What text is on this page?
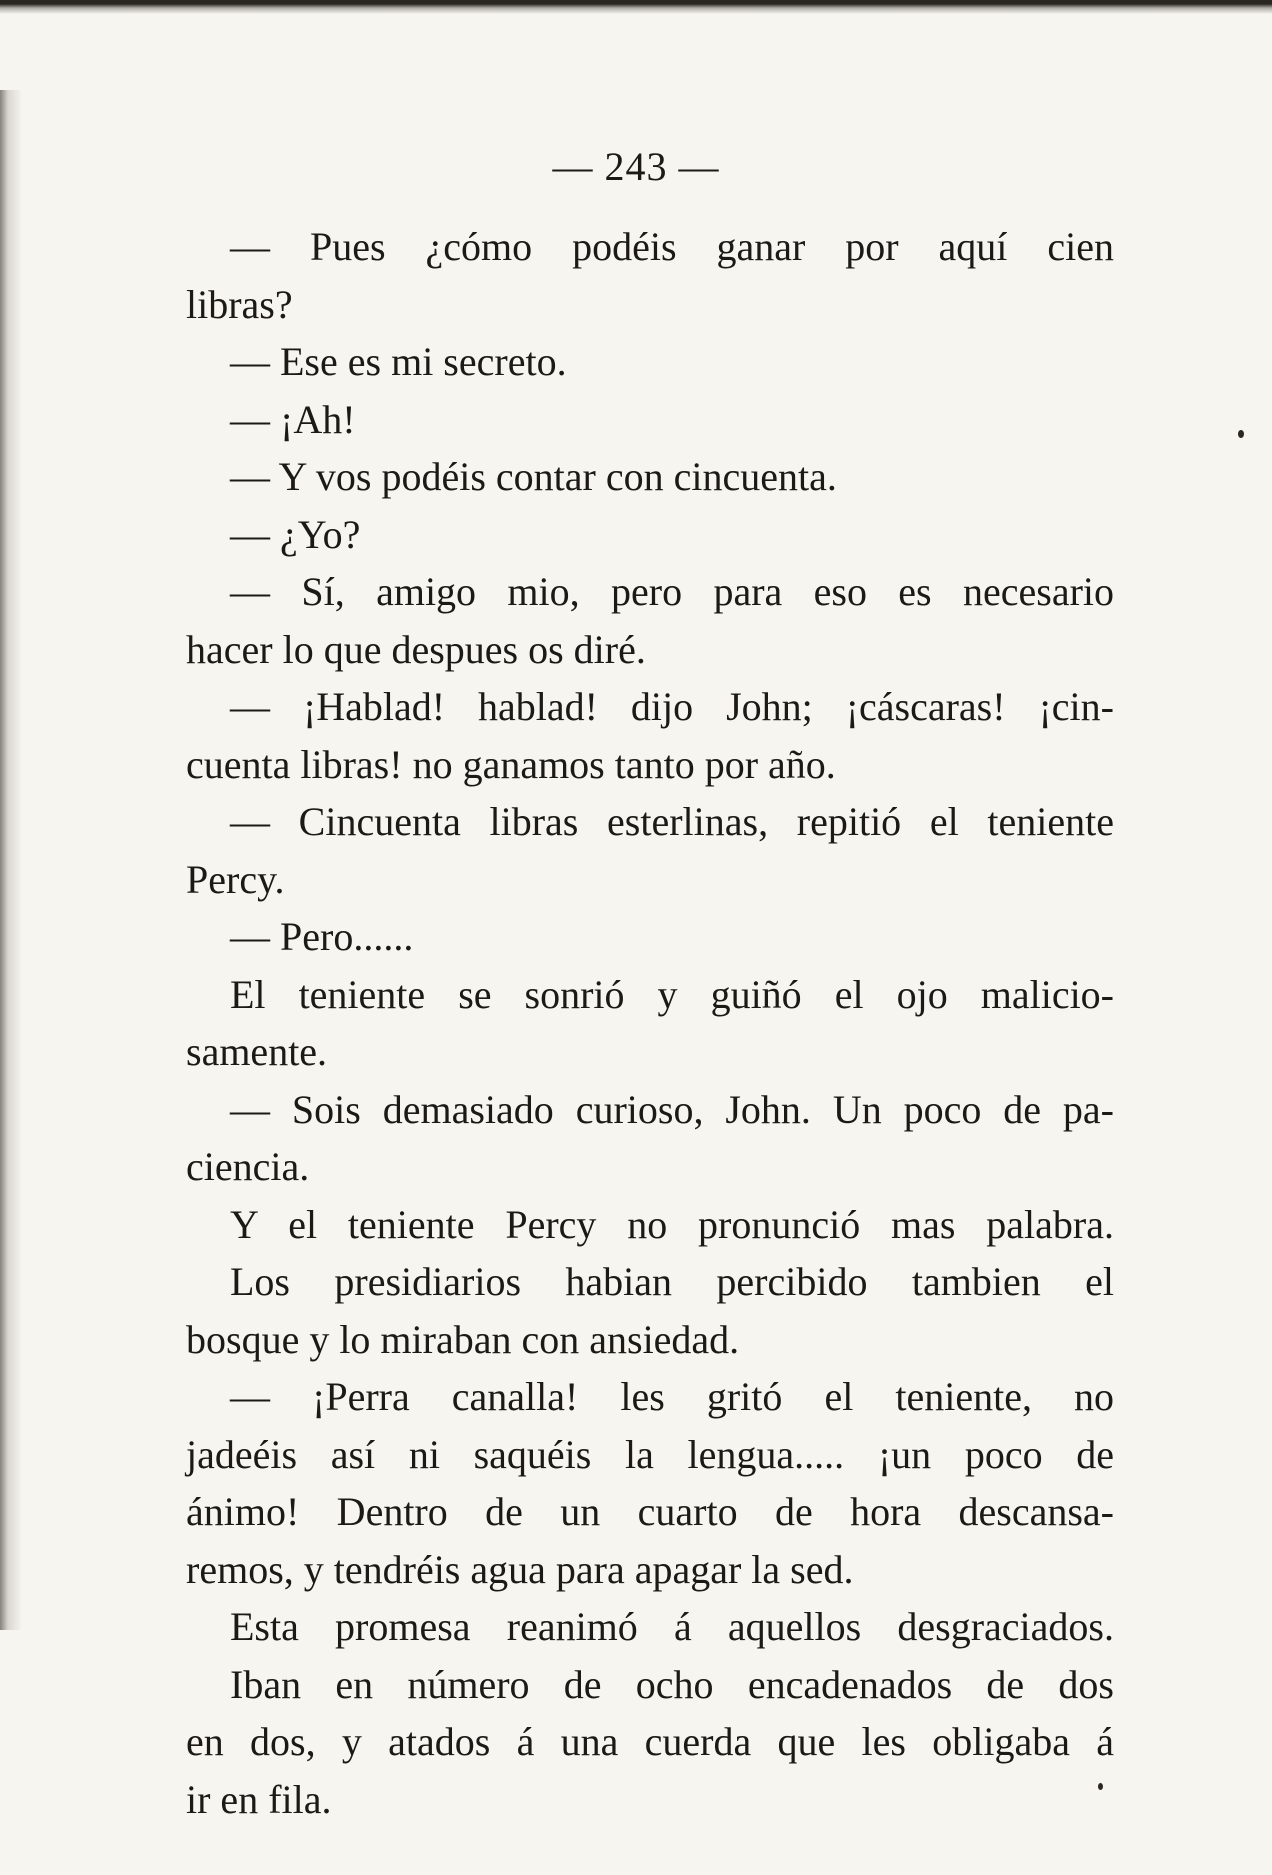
— 243 —
— Pues ¿cómo podéis ganar por aquí cien
libras?
— Ese es mi secreto.
— ¡Ah!
— Y vos podéis contar con cincuenta.
— ¿Yo?
— Sí, amigo mio, pero para eso es necesario
hacer lo que despues os diré.
— ¡Hablad! hablad! dijo John; ¡cáscaras! ¡cin-
cuenta libras! no ganamos tanto por año.
— Cincuenta libras esterlinas, repitió el teniente
Percy.
— Pero......
El teniente se sonrió y guiñó el ojo malicio-
samente.
— Sois demasiado curioso, John. Un poco de pa-
ciencia.
Y el teniente Percy no pronunció mas palabra.
Los presidiarios habian percibido tambien el
bosque y lo miraban con ansiedad.
— ¡Perra canalla! les gritó el teniente, no
jadeéis así ni saquéis la lengua..... ¡un poco de
ánimo! Dentro de un cuarto de hora descansa-
remos, y tendréis agua para apagar la sed.
Esta promesa reanimó á aquellos desgraciados.
Iban en número de ocho encadenados de dos
en dos, y atados á una cuerda que les obligaba á
ir en fila.
